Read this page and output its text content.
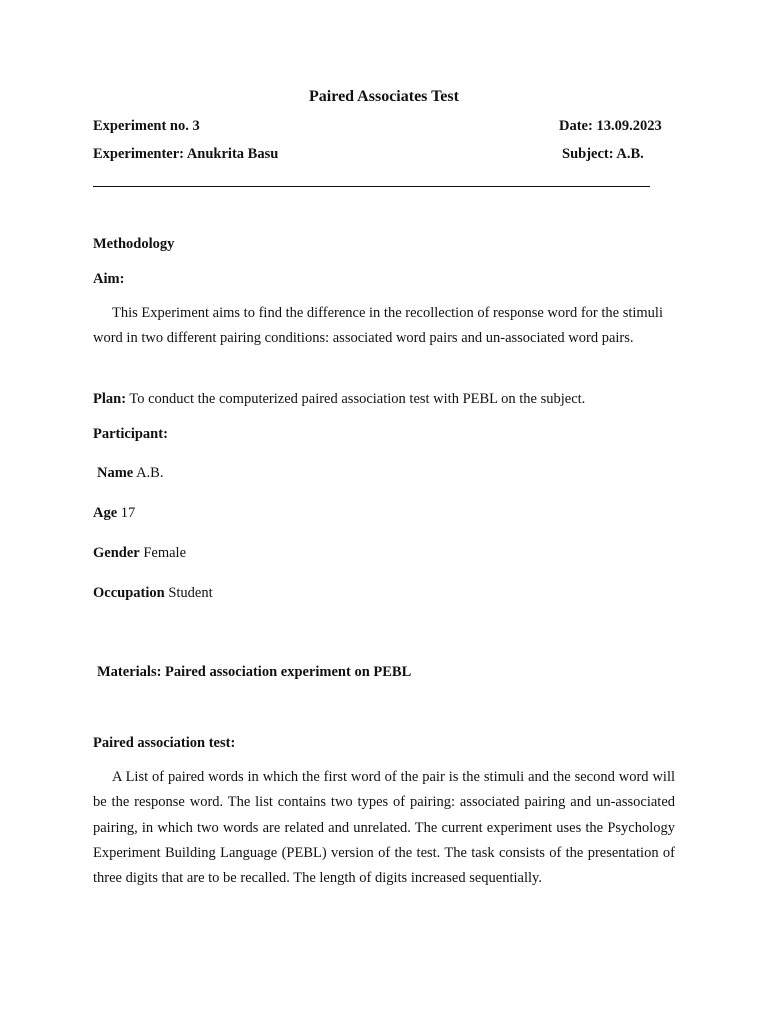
Paired Associates Test
Experiment no. 3	Date: 13.09.2023
Experimenter: Anukrita Basu	Subject: A.B.
Methodology
Aim:
This Experiment aims to find the difference in the recollection of response word for the stimuli word in two different pairing conditions: associated word pairs and un-associated word pairs.
Plan: To conduct the computerized paired association test with PEBL on the subject.
Participant:
Name A.B.
Age 17
Gender Female
Occupation Student
Materials: Paired association experiment on PEBL
Paired association test:
A List of paired words in which the first word of the pair is the stimuli and the second word will be the response word. The list contains two types of pairing: associated pairing and un-associated pairing, in which two words are related and unrelated. The current experiment uses the Psychology Experiment Building Language (PEBL) version of the test. The task consists of the presentation of three digits that are to be recalled. The length of digits increased sequentially.
